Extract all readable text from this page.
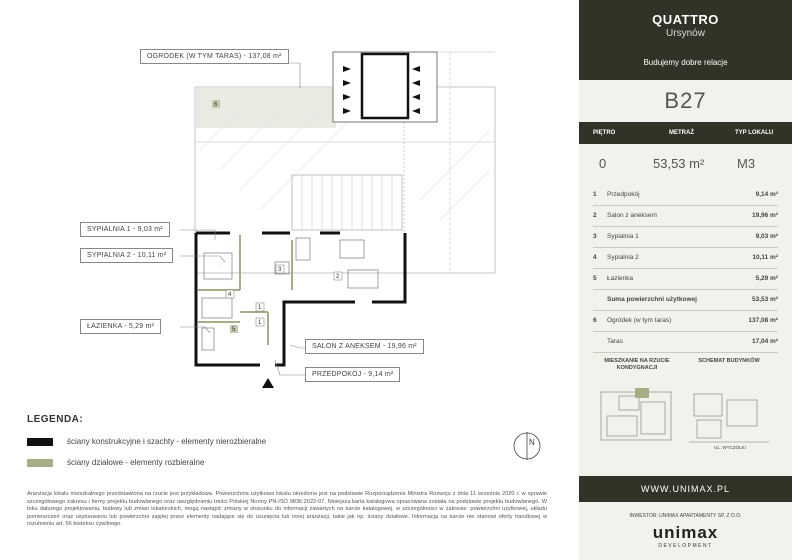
6
4
3
2
1
5
1
N
OGRÓDEK (W TYM TARAS) - 137,08 m²
SYPIALNIA 1 - 9,03 m²
SYPIALNIA 2 - 10,11 m²
ŁAZIENKA - 5,29 m²
SALON Z ANEKSEM - 19,96 m²
PRZEDPOKÓJ - 9,14 m²
LEGENDA:
ściany konstrukcyjne i szachty - elementy nierozbieralne
ściany działowe - elementy rozbieralne
Aranżacja lokalu mieszkalnego przedstawiona na rzucie jest przykładowa. Powierzchnia użytkowa lokalu określona jest na podstawie Rozporządzenia Ministra Rozwoju z dnia 11 września 2020 r. w sprawie szczegółowego zakresu i formy projektu budowlanego oraz uwzględnieniu treści Polskiej Normy PN-ISO 9836:2022-07. Niniejsza karta katalogowa opracowana została na podstawie projektu budowlanego. W toku dalszego projektowania, budowy lub zmian lokatorskich, mogą nastąpić zmiany w stosunku do informacji zawartych na karcie katalogowej, w szczególności w zakresie: powierzchni użytkowej, układu pomieszczeń oraz usytuowaniu lub powierzchni zajętej przez elementy nadające się do usunięcia lub innej aranżacji, takie jak np. ściany działowe. Informacja na karcie nie stanowi oferty handlowej w rozumieniu art. 66 kodeksu cywilnego.
QUATTRO
Ursynów
Budujemy dobre relacje
B27
PIĘTRO	METRAŻ	TYP LOKALU
0	53,53 m²	M3
1 Przedpokój	9,14 m²
2 Salon z aneksem	19,96 m²
3 Sypialnia 1	9,03 m²
4 Sypialnia 2	10,11 m²
5 Łazienka	5,29 m²
Suma powierzchni użytkowej	53,53 m²
6 Ogródek (w tym taras)	137,08 m²
Taras	17,04 m²
MIESZKANIE NA RZUCIE KONDYGNACJI
SCHEMAT BUDYNKÓW
UL. WYCZÓŁKI
WWW.UNIMAX.PL
INWESTOR: UNIMAX APARTAMENTY SP. Z O.O.
unimax
DEVELOPMENT
